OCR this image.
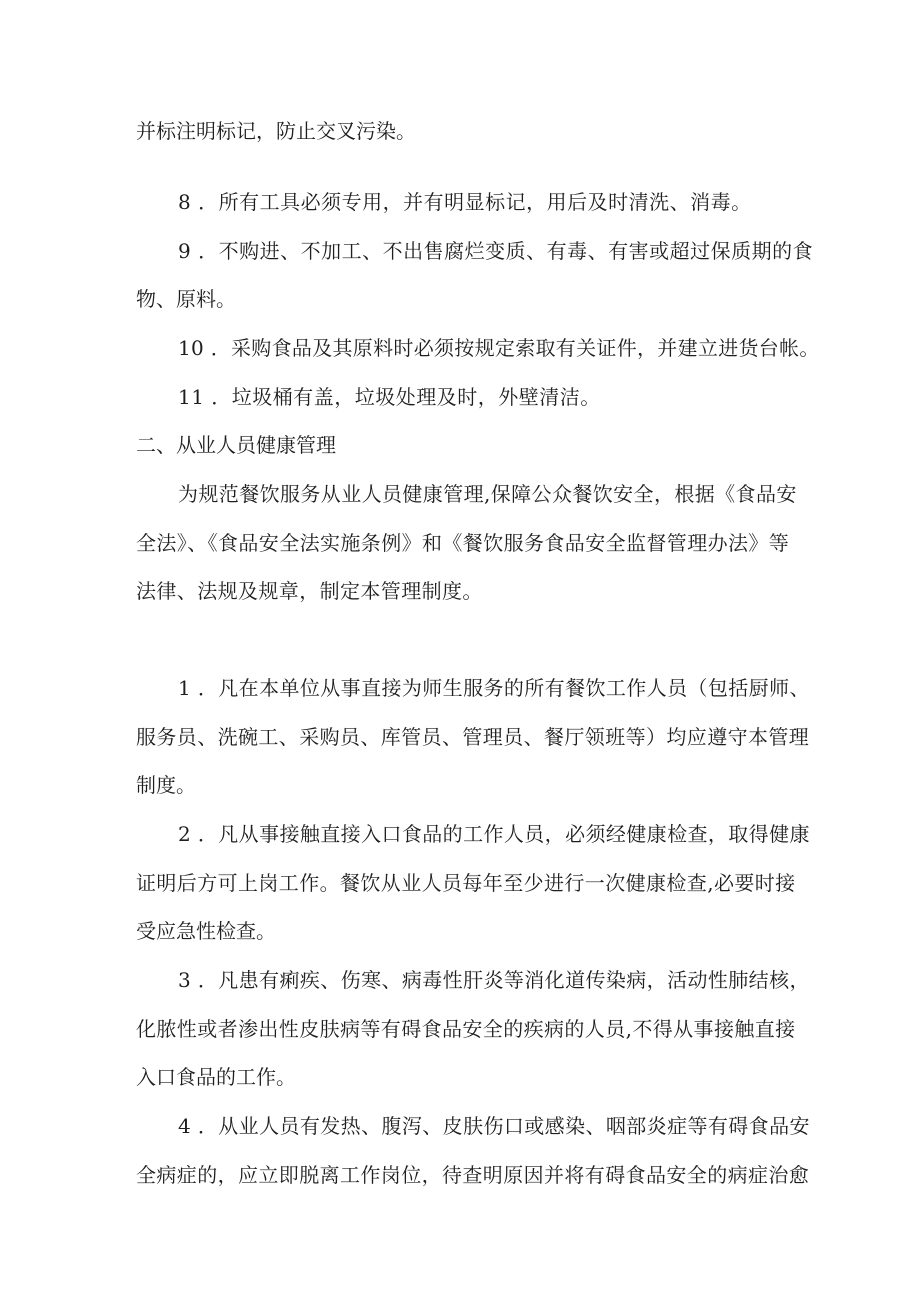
并标注明标记，防止交叉污染。
8 ．所有工具必须专用，并有明显标记，用后及时清洗、消毒。
9 ．不购进、不加工、不出售腐烂变质、有毒、有害或超过保质期的食
物、原料。
10 ．采购食品及其原料时必须按规定索取有关证件，并建立进货台帐。
11 ．垃圾桶有盖，垃圾处理及时，外壁清洁。
二、从业人员健康管理
为规范餐饮服务从业人员健康管理,保障公众餐饮安全，根据《食品安
全法》、《食品安全法实施条例》和《餐饮服务食品安全监督管理办法》等
法律、法规及规章，制定本管理制度。
1 ．凡在本单位从事直接为师生服务的所有餐饮工作人员（包括厨师、
服务员、洗碗工、采购员、库管员、管理员、餐厅领班等）均应遵守本管理
制度。
2 ．凡从事接触直接入口食品的工作人员，必须经健康检查，取得健康
证明后方可上岗工作。餐饮从业人员每年至少进行一次健康检查,必要时接
受应急性检查。
3 ．凡患有痢疾、伤寒、病毒性肝炎等消化道传染病，活动性肺结核，
化脓性或者渗出性皮肤病等有碍食品安全的疾病的人员,不得从事接触直接
入口食品的工作。
4 ．从业人员有发热、腹泻、皮肤伤口或感染、咽部炎症等有碍食品安
全病症的，应立即脱离工作岗位，待查明原因并将有碍食品安全的病症治愈
